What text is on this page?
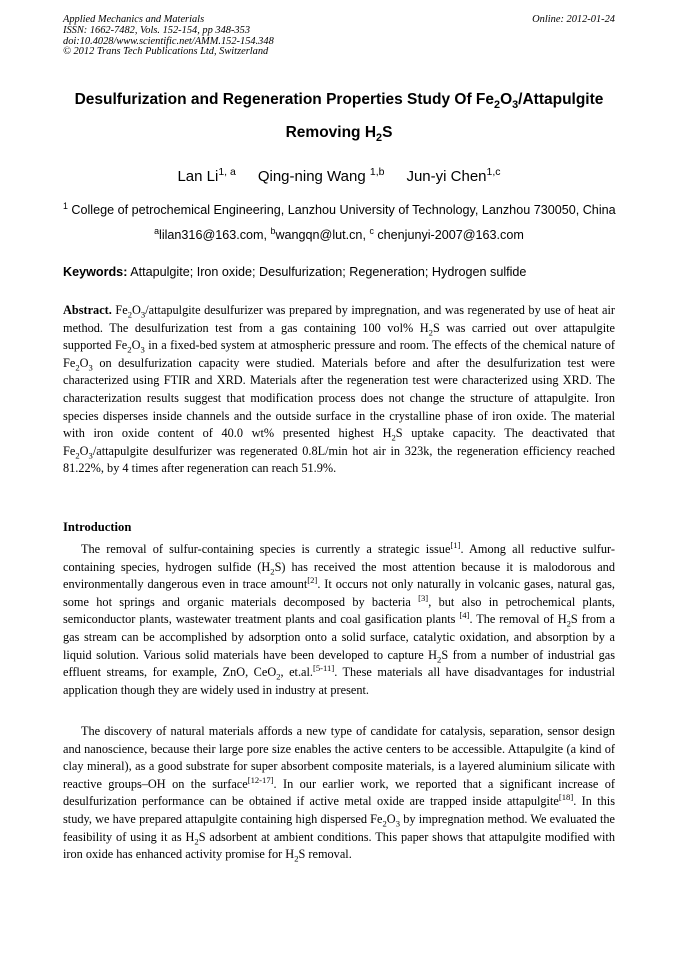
Applied Mechanics and Materials
ISSN: 1662-7482, Vols. 152-154, pp 348-353
doi:10.4028/www.scientific.net/AMM.152-154.348
© 2012 Trans Tech Publications Ltd, Switzerland
Online: 2012-01-24
Desulfurization and Regeneration Properties Study Of $Fe_2O_3$/Attapulgite
Removing $H_2S$
Lan Li$^{1, a}$ Qing-ning Wang $^{1,b}$ Jun-yi Chen$^{1,c}$
$^1$ College of petrochemical Engineering, Lanzhou University of Technology, Lanzhou 730050, China
$^a$lilan316@163.com, $^b$wangqn@lut.cn, $^c$ chenjunyi-2007@163.com
Keywords: Attapulgite; Iron oxide; Desulfurization; Regeneration; Hydrogen sulfide
Abstract. $Fe_2O_3$/attapulgite desulfurizer was prepared by impregnation, and was regenerated by use of heat air method. The desulfurization test from a gas containing 100 vol% $H_2S$ was carried out over attapulgite supported $Fe_2O_3$ in a fixed-bed system at atmospheric pressure and room. The effects of the chemical nature of $Fe_2O_3$ on desulfurization capacity were studied. Materials before and after the desulfurization test were characterized using FTIR and XRD. Materials after the regeneration test were characterized using XRD. The characterization results suggest that modification process does not change the structure of attapulgite. Iron species disperses inside channels and the outside surface in the crystalline phase of iron oxide. The material with iron oxide content of 40.0 wt% presented highest $H_2S$ uptake capacity. The deactivated that $Fe_2O_3$/attapulgite desulfurizer was regenerated 0.8L/min hot air in 323k, the regeneration efficiency reached 81.22%, by 4 times after regeneration can reach 51.9%.
Introduction

The removal of sulfur-containing species is currently a strategic issue[1]. Among all reductive sulfur-containing species, hydrogen sulfide $(H_2S)$ has received the most attention because it is malodorous and environmentally dangerous even in trace amount[2]. It occurs not only naturally in volcanic gases, natural gas, some hot springs and organic materials decomposed by bacteria [3], but also in petrochemical plants, semiconductor plants, wastewater treatment plants and coal gasification plants [4]. The removal of $H_2S$ from a gas stream can be accomplished by adsorption onto a solid surface, catalytic oxidation, and absorption by a liquid solution. Various solid materials have been developed to capture $H_2S$ from a number of industrial gas effluent streams, for example, ZnO, CeO$_2$, et.al.[5-11]. These materials all have disadvantages for industrial application though they are widely used in industry at present.

The discovery of natural materials affords a new type of candidate for catalysis, separation, sensor design and nanoscience, because their large pore size enables the active centers to be accessible. Attapulgite (a kind of clay mineral), as a good substrate for super absorbent composite materials, is a layered aluminium silicate with reactive groups–OH on the surface[12-17]. In our earlier work, we reported that a significant increase of desulfurization performance can be obtained if active metal oxide are trapped inside attapulgite[18]. In this study, we have prepared attapulgite containing high dispersed $Fe_2O_3$ by impregnation method. We evaluated the feasibility of using it as $H_2S$ adsorbent at ambient conditions. This paper shows that attapulgite modified with iron oxide has enhanced activity promise for $H_2S$ removal.
